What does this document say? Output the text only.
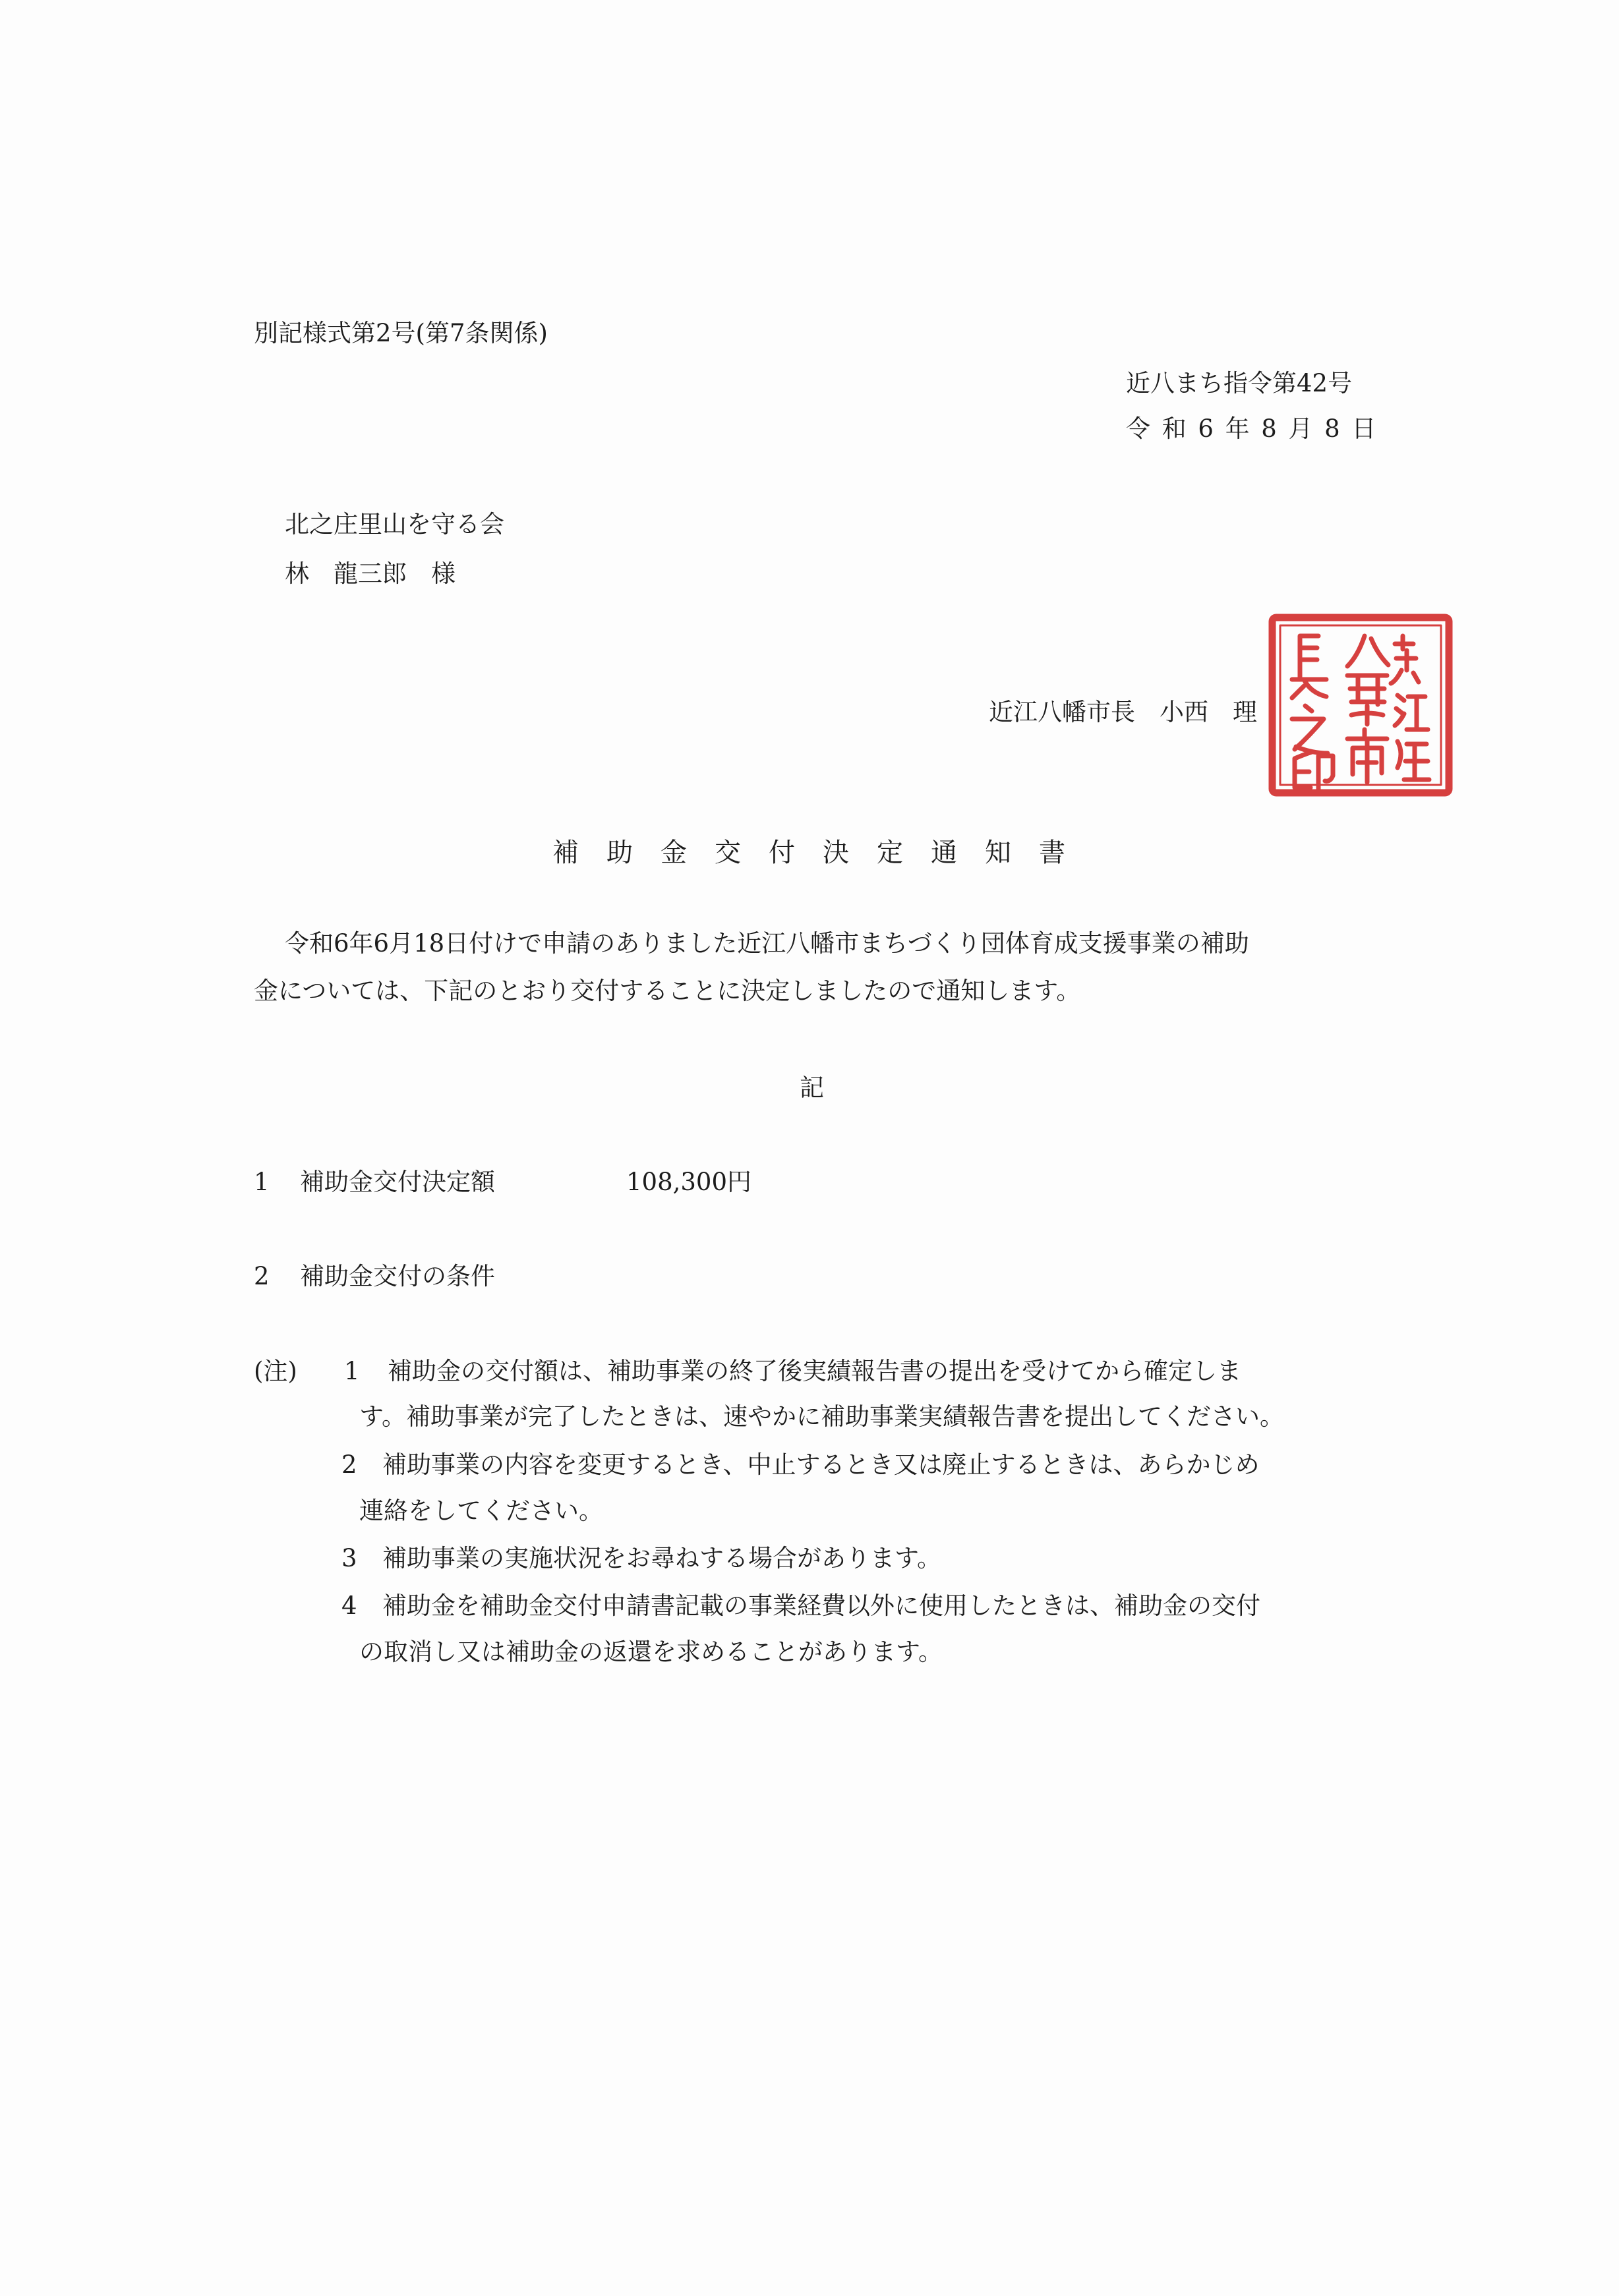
別記様式第2号(第7条関係)
近八まち指令第42号
令 和 6 年 8 月 8 日
北之庄里山を守る会
林　龍三郎　様
近江八幡市長　小西　理
補助金交付決定通知書
令和6年6月18日付けで申請のありました近江八幡市まちづくり団体育成支援事業の補助
金については、下記のとおり交付することに決定しましたので通知します。
記
1 補助金交付決定額	108,300円
2 補助金交付の条件
(注) 1 補助金の交付額は、補助事業の終了後実績報告書の提出を受けてから確定しま
す。補助事業が完了したときは、速やかに補助事業実績報告書を提出してください。
2 補助事業の内容を変更するとき、中止するとき又は廃止するときは、あらかじめ
連絡をしてください。
3 補助事業の実施状況をお尋ねする場合があります。
4 補助金を補助金交付申請書記載の事業経費以外に使用したときは、補助金の交付
の取消し又は補助金の返還を求めることがあります。
